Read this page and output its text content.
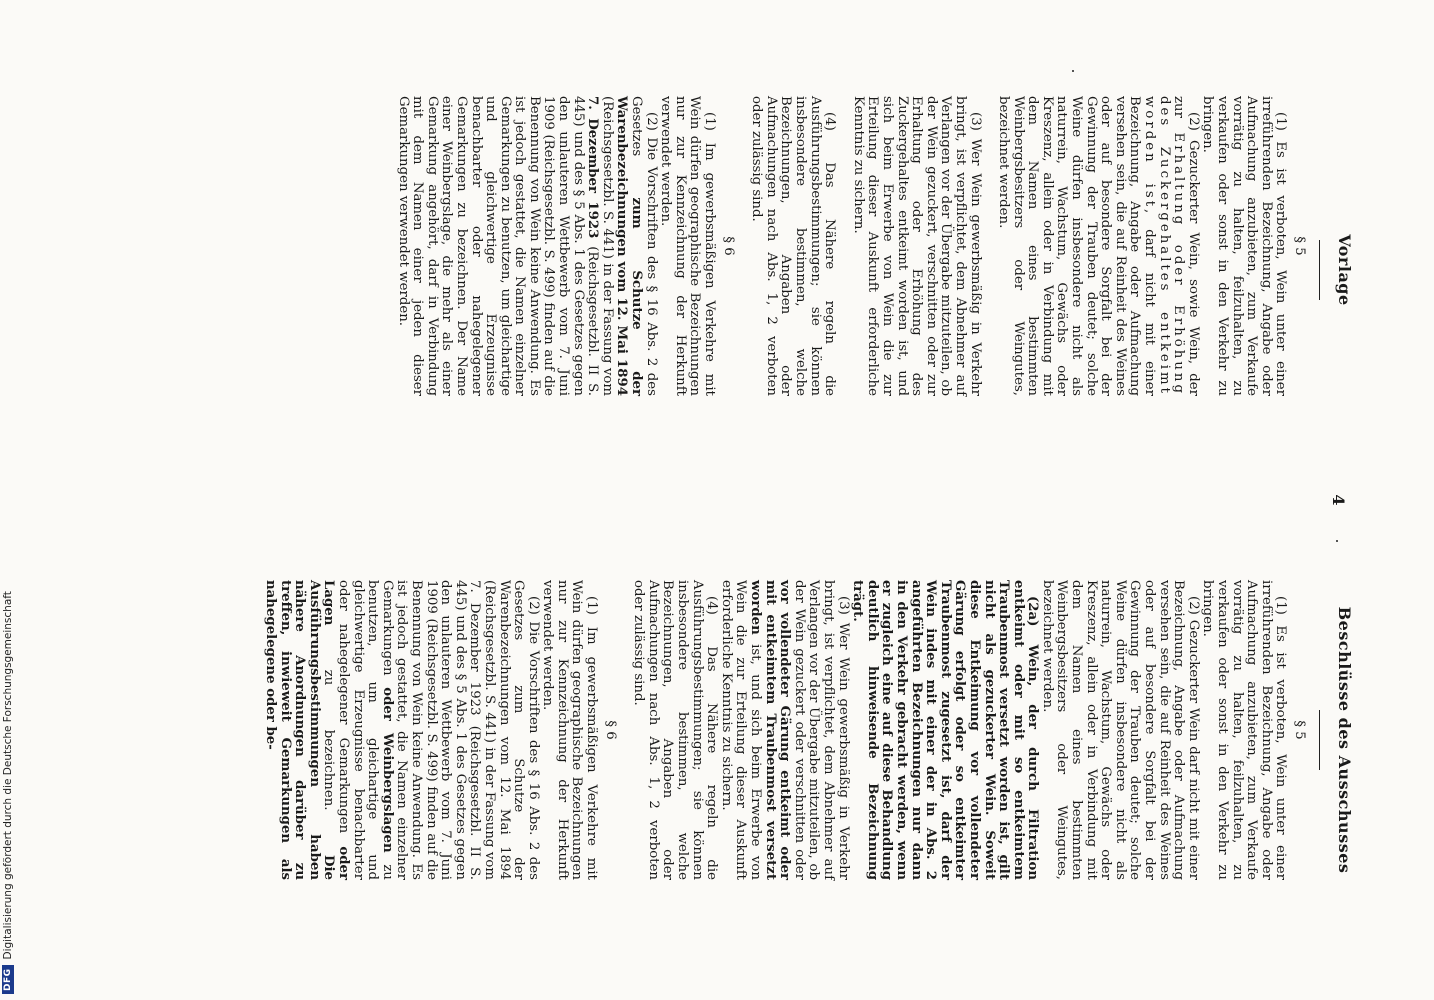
4
Vorlage
§ 5

(1) Es ist verboten, Wein unter einer irreführenden Bezeichnung, Angabe oder Aufmachung anzubieten, zum Verkaufe vorrätig zu halten, feilzuhalten, zu verkaufen oder sonst in den Verkehr zu bringen.

(2) Gezuckerter Wein, sowie Wein, der zur Erhaltung oder Erhöhung des Zuckergehaltes entkeimt worden ist, darf nicht mit einer Bezeichnung, Angabe oder Aufmachung versehen sein, die auf Reinheit des Weines oder auf besondere Sorgfalt bei der Gewinnung der Trauben deutet; solche Weine dürfen insbesondere nicht als naturrein, Wachstum, Gewächs oder Kreszenz, allein oder in Verbindung mit dem Namen eines bestimmten Weinbergsbesitzers oder Weingutes, bezeichnet werden.

(3) Wer Wein gewerbsmäßig in Verkehr bringt, ist verpflichtet, dem Abnehmer auf Verlangen vor der Übergabe mitzuteilen, ob der Wein gezuckert, verschnitten oder zur Erhaltung oder Erhöhung des Zuckergehaltes entkeimt worden ist, und sich beim Erwerbe von Wein die zur Erteilung dieser Auskunft erforderliche Kenntnis zu sichern.

(4) Das Nähere regeln die Ausführungsbestimmungen; sie können insbesondere bestimmen, welche Bezeichnungen, Angaben oder Aufmachungen nach Abs. 1, 2 verboten oder zulässig sind.

§ 6

(1) Im gewerbsmäßigen Verkehre mit Wein dürfen geographische Bezeichnungen nur zur Kennzeichnung der Herkunft verwendet werden.

(2) Die Vorschriften des § 16 Abs. 2 des Gesetzes zum Schutze der Warenbezeichnungen vom 12. Mai 1894 (Reichsgesetzbl. S. 441) in der Fassung vom 7. Dezember 1923 (Reichsgesetzbl. II S. 445) und des § 5 Abs. 1 des Gesetzes gegen den unlauteren Wettbewerb vom 7. Juni 1909 (Reichsgesetzbl. S. 499) finden auf die Benennung von Wein keine Anwendung. Es ist jedoch gestattet, die Namen einzelner Gemarkungen zu benutzen, um gleichartige und gleichwertige Erzeugnisse benachbarter oder nahegelegener Gemarkungen zu bezeichnen. Der Name einer Weinbergslage, die mehr als einer Gemarkung angehört, darf in Verbindung mit dem Namen einer jeden dieser Gemarkungen verwendet werden.

Beschlüsse des Ausschusses
§ 5

(1) Es ist verboten, Wein unter einer irreführenden Bezeichnung, Angabe oder Aufmachung anzubieten, zum Verkaufe vorrätig zu halten, feilzuhalten, zu verkaufen oder sonst in den Verkehr zu bringen.

(2) Gezuckerter Wein darf nicht mit einer Bezeichnung, Angabe oder Aufmachung versehen sein, die auf Reinheit des Weines oder auf besondere Sorgfalt bei der Gewinnung der Trauben deutet; solche Weine dürfen insbesondere nicht als naturrein, Wachstum, Gewächs oder Kreszenz, allein oder in Verbindung mit dem Namen eines bestimmten Weinbergsbesitzers oder Weingutes, bezeichnet werden.

(2a) Wein, der durch Filtration entkeimt oder mit so entkeimtem Traubenmost versetzt worden ist, gilt nicht als gezuckerter Wein. Soweit diese Entkeimung vor vollendeter Gärung erfolgt oder so entkeimter Traubenmost zugesetzt ist, darf der Wein indes mit einer der in Abs. 2 angeführten Bezeichnungen nur dann in den Verkehr gebracht werden, wenn er zugleich eine auf diese Behandlung deutlich hinweisende Bezeichnung trägt.

(3) Wer Wein gewerbsmäßig in Verkehr bringt, ist verpflichtet, dem Abnehmer auf Verlangen vor der Übergabe mitzuteilen, ob der Wein gezuckert oder verschnitten oder vor vollendeter Gärung entkeimt oder mit entkeimtem Traubenmost versetzt worden ist, und sich beim Erwerbe von Wein die zur Erteilung dieser Auskunft erforderliche Kenntnis zu sichern.

(4) Das Nähere regeln die Ausführungsbestimmungen; sie können insbesondere bestimmen, welche Bezeichnungen, Angaben oder Aufmachungen nach Abs. 1, 2 verboten oder zulässig sind.

§ 6

(1) Im gewerbsmäßigen Verkehre mit Wein dürfen geographische Bezeichnungen nur zur Kennzeichnung der Herkunft verwendet werden.

(2) Die Vorschriften des § 16 Abs. 2 des Gesetzes zum Schutze der Warenbezeichnungen vom 12. Mai 1894 (Reichsgesetzbl. S. 441) in der Fassung vom 7. Dezember 1923 (Reichsgesetzbl. II S. 445) und des § 5 Abs. 1 des Gesetzes gegen den unlauteren Wettbewerb vom 7. Juni 1909 (Reichsgesetzbl. S. 499) finden auf die Benennung von Wein keine Anwendung. Es ist jedoch gestattet, die Namen einzelner Gemarkungen oder Weinbergslagen zu benutzen, um gleichartige und gleichwertige Erzeugnisse benachbarter oder nahegelegener Gemarkungen oder Lagen zu bezeichnen. Die Ausführungsbestimmungen haben nähere Anordnungen darüber zu treffen, inwieweit Gemarkungen als nahegelegene oder be-

DFG
Digitalisierung gefördert durch die Deutsche Forschungsgemeinschaft
